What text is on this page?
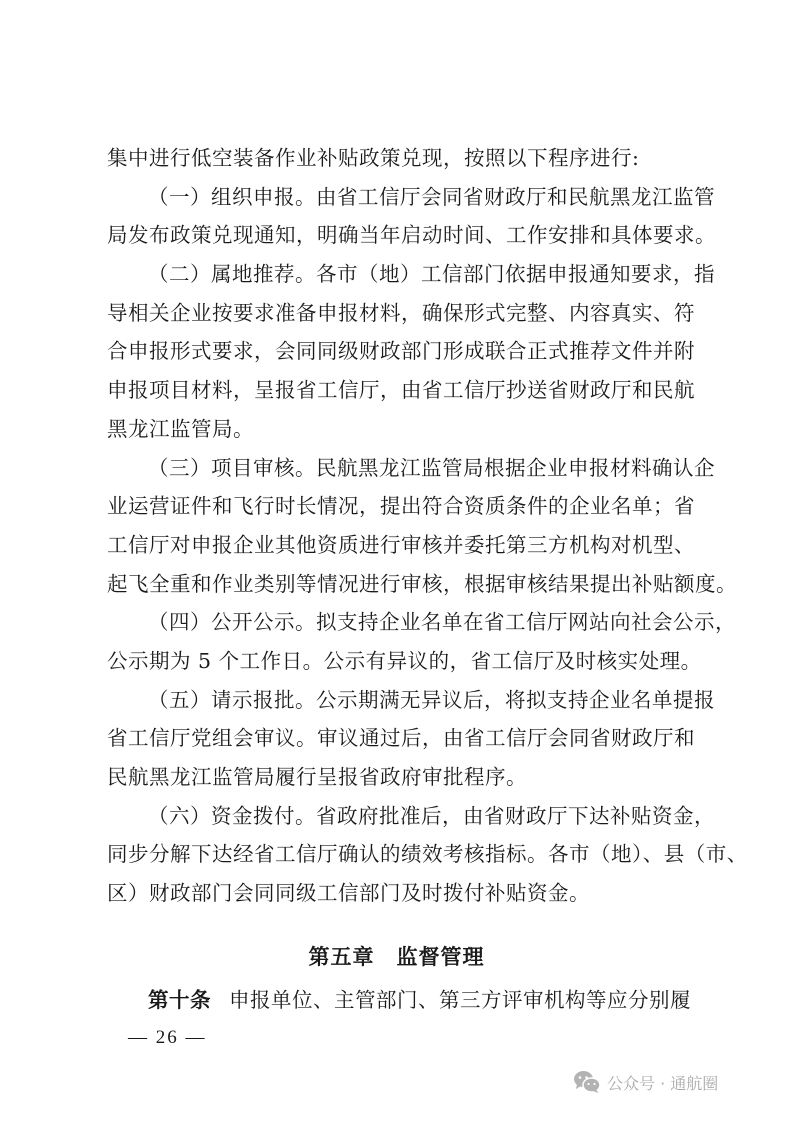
集中进行低空装备作业补贴政策兑现，按照以下程序进行:
（一）组织申报。由省工信厅会同省财政厅和民航黑龙江监管
局发布政策兑现通知，明确当年启动时间、工作安排和具体要求。
（二）属地推荐。各市（地）工信部门依据申报通知要求，指
导相关企业按要求准备申报材料，确保形式完整、内容真实、符
合申报形式要求，会同同级财政部门形成联合正式推荐文件并附
申报项目材料，呈报省工信厅，由省工信厅抄送省财政厅和民航
黑龙江监管局。
（三）项目审核。民航黑龙江监管局根据企业申报材料确认企
业运营证件和飞行时长情况，提出符合资质条件的企业名单；省
工信厅对申报企业其他资质进行审核并委托第三方机构对机型、
起飞全重和作业类别等情况进行审核，根据审核结果提出补贴额度。
（四）公开公示。拟支持企业名单在省工信厅网站向社会公示，
公示期为 5 个工作日。公示有异议的，省工信厅及时核实处理。
（五）请示报批。公示期满无异议后，将拟支持企业名单提报
省工信厅党组会审议。审议通过后，由省工信厅会同省财政厅和
民航黑龙江监管局履行呈报省政府审批程序。
（六）资金拨付。省政府批准后，由省财政厅下达补贴资金，
同步分解下达经省工信厅确认的绩效考核指标。各市（地）、县（市、
区）财政部门会同同级工信部门及时拨付补贴资金。
第五章 监督管理
第十条 申报单位、主管部门、第三方评审机构等应分别履
— 26 —
公众号 · 通航圈
